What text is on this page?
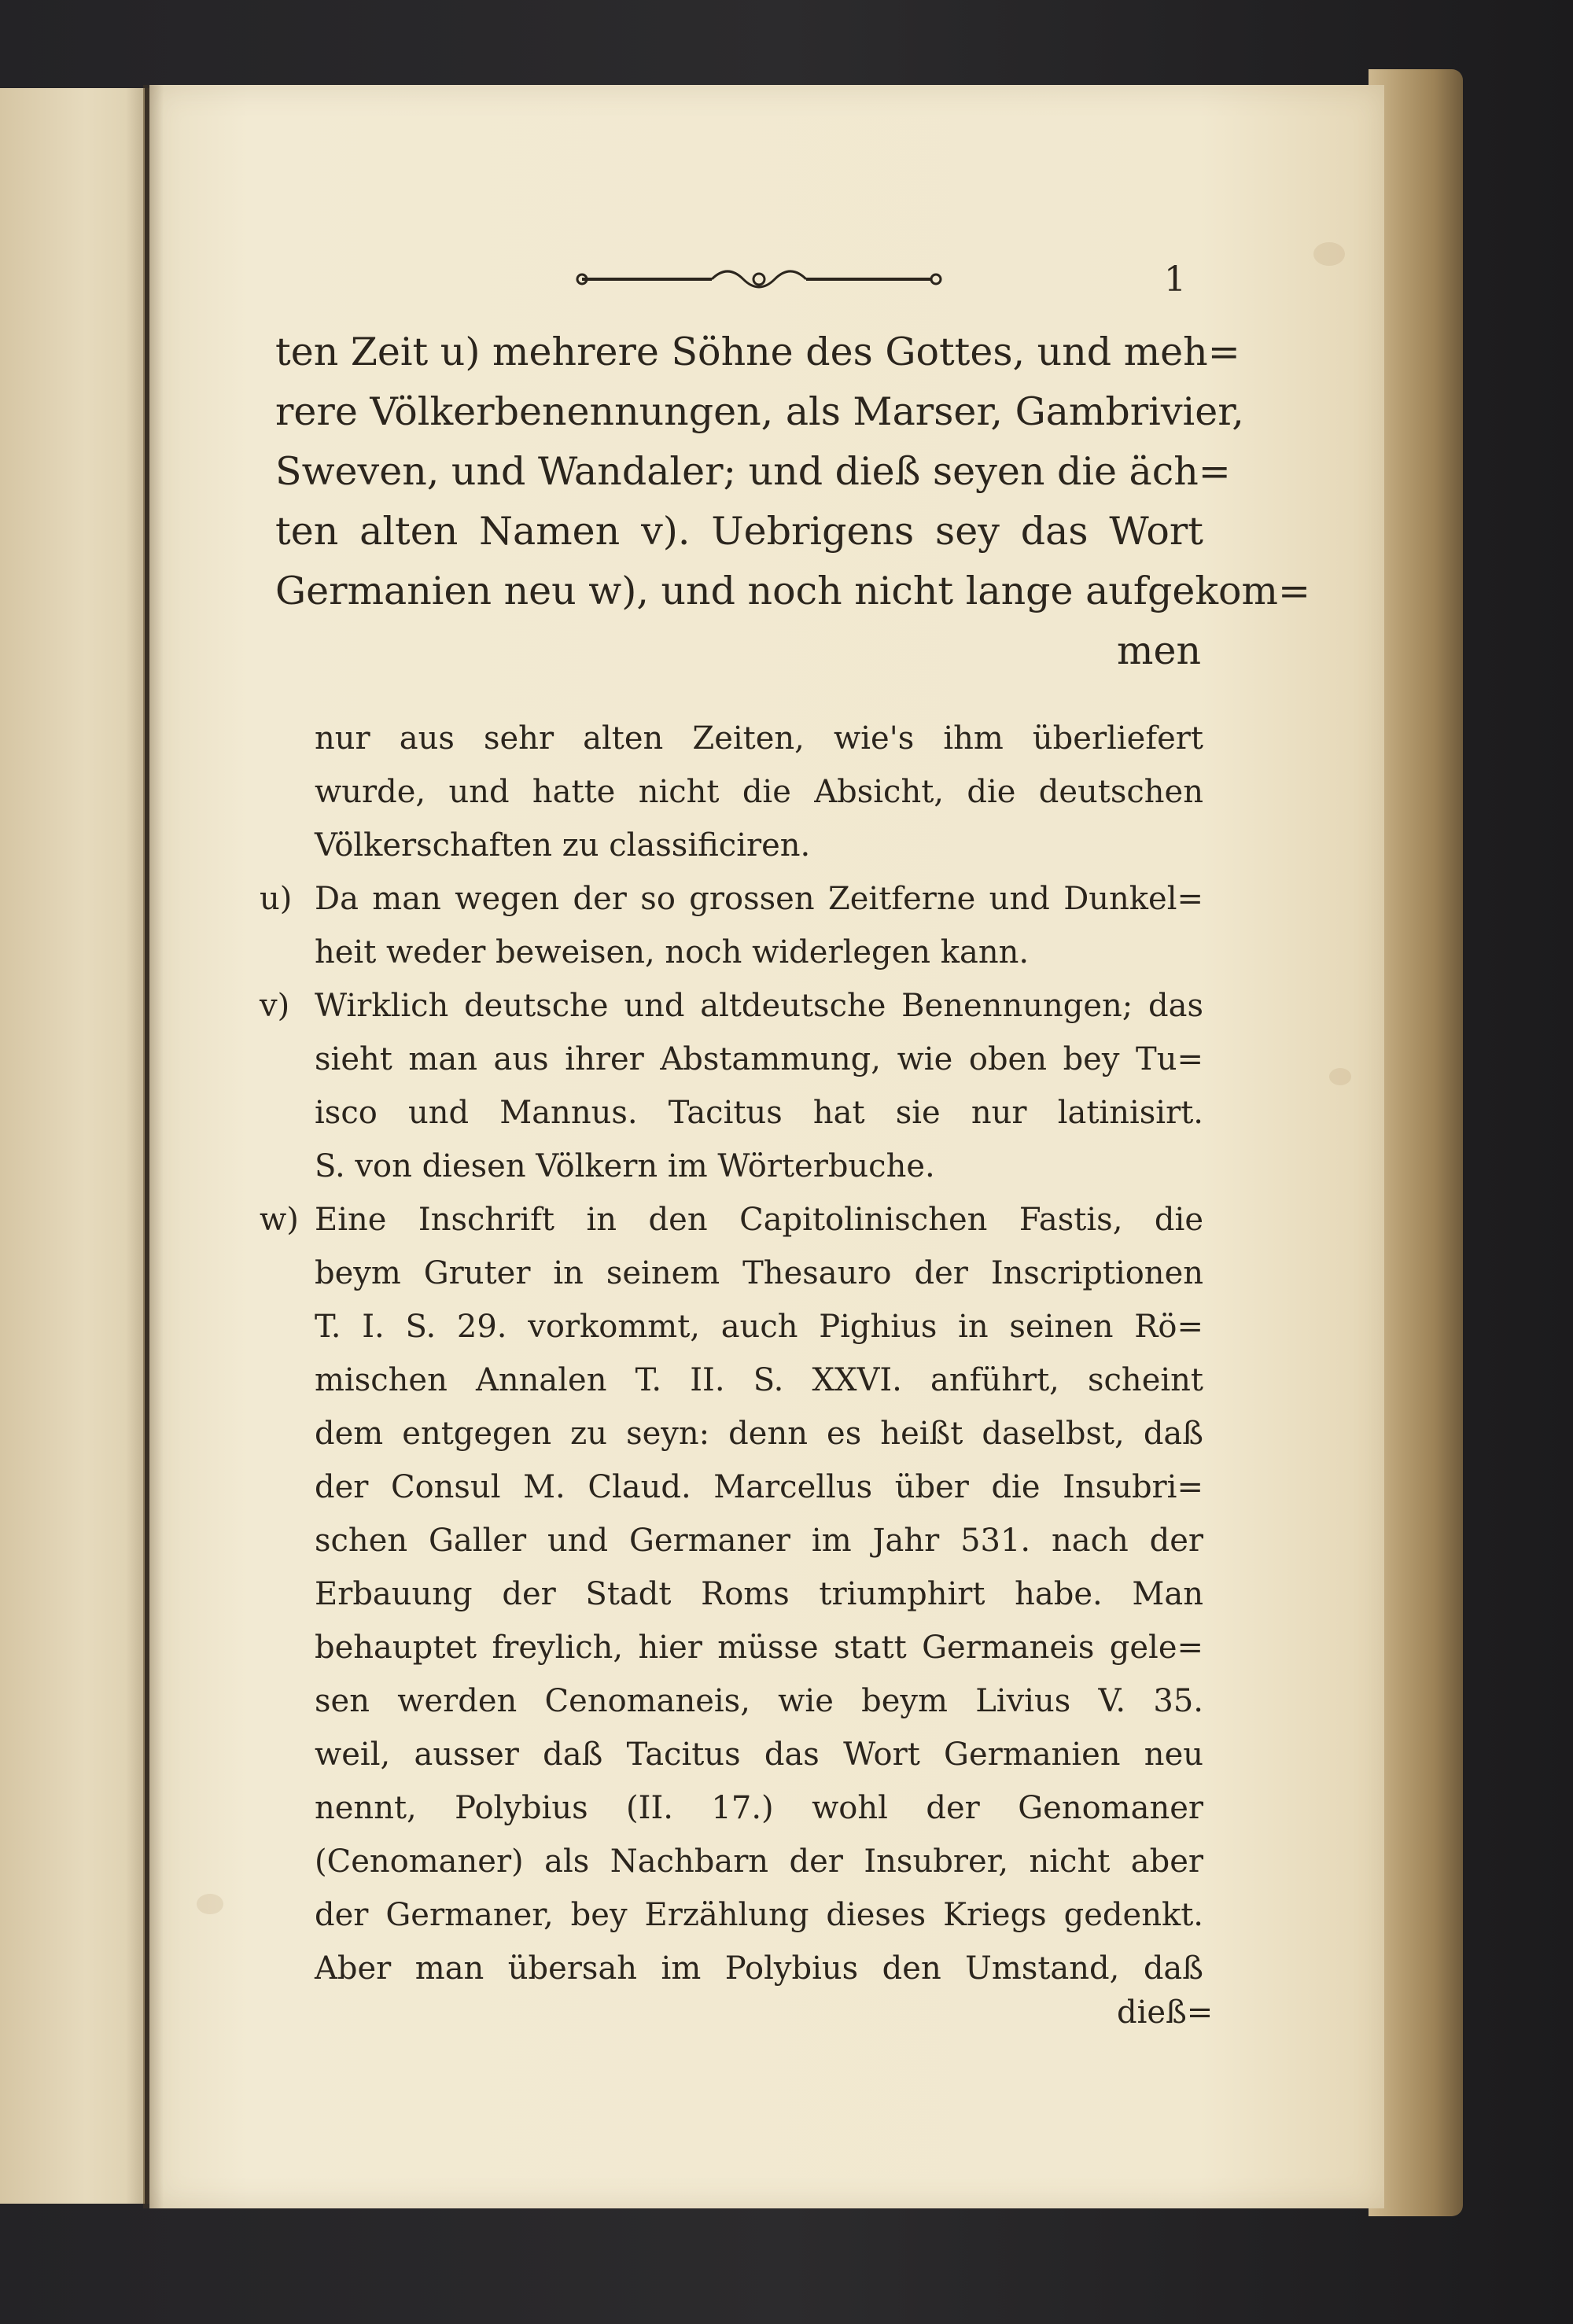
1
ten Zeit u) mehrere Söhne des Gottes, und meh=
rere Völkerbenennungen, als Marser, Gambrivier,
Sweven, und Wandaler; und dieß seyen die äch=
ten alten Namen v). Uebrigens sey das Wort
Germanien neu w), und noch nicht lange aufgekom=
men
nur aus sehr alten Zeiten, wie's ihm überliefert
wurde, und hatte nicht die Absicht, die deutschen
Völkerschaften zu classificiren.
u) Da man wegen der so grossen Zeitferne und Dunkel=
heit weder beweisen, noch widerlegen kann.
v) Wirklich deutsche und altdeutsche Benennungen; das
sieht man aus ihrer Abstammung, wie oben bey Tu=
isco und Mannus. Tacitus hat sie nur latinisirt.
S. von diesen Völkern im Wörterbuche.
w) Eine Inschrift in den Capitolinischen Fastis, die
beym Gruter in seinem Thesauro der Inscriptionen
T. I. S. 29. vorkommt, auch Pighius in seinen Rö=
mischen Annalen T. II. S. XXVI. anführt, scheint
dem entgegen zu seyn: denn es heißt daselbst, daß
der Consul M. Claud. Marcellus über die Insubri=
schen Galler und Germaner im Jahr 531. nach der
Erbauung der Stadt Roms triumphirt habe. Man
behauptet freylich, hier müsse statt Germaneis gele=
sen werden Cenomaneis, wie beym Livius V. 35.
weil, ausser daß Tacitus das Wort Germanien neu
nennt, Polybius (II. 17.) wohl der Genomaner
(Cenomaner) als Nachbarn der Insubrer, nicht aber
der Germaner, bey Erzählung dieses Kriegs gedenkt.
Aber man übersah im Polybius den Umstand, daß
dieß=
